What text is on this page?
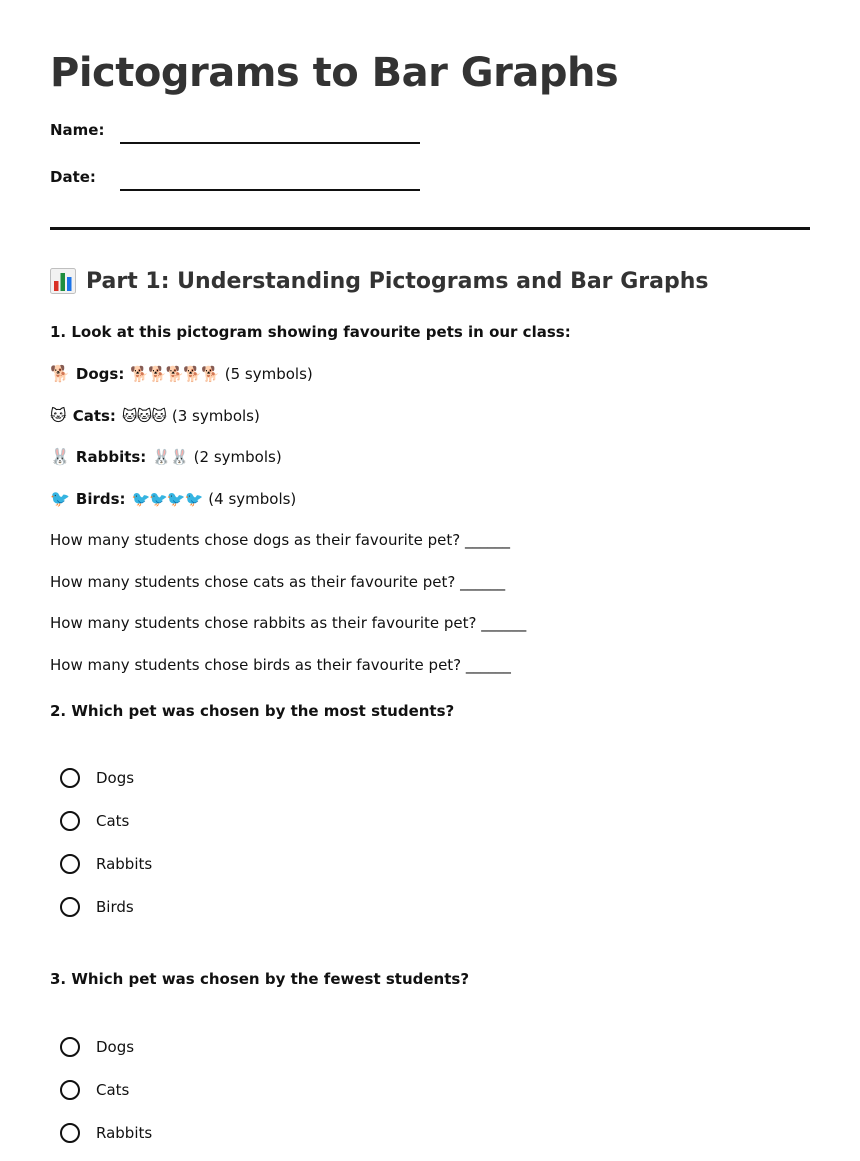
Pictograms to Bar Graphs
Name:
Date:
Part 1: Understanding Pictograms and Bar Graphs
1. Look at this pictogram showing favourite pets in our class:
🐕 Dogs: 🐕🐕🐕🐕🐕 (5 symbols)
🐱 Cats: 🐱🐱🐱 (3 symbols)
🐰 Rabbits: 🐰🐰 (2 symbols)
🐦 Birds: 🐦🐦🐦🐦 (4 symbols)
How many students chose dogs as their favourite pet? ______
How many students chose cats as their favourite pet? ______
How many students chose rabbits as their favourite pet? ______
How many students chose birds as their favourite pet? ______
2. Which pet was chosen by the most students?
Dogs
Cats
Rabbits
Birds
3. Which pet was chosen by the fewest students?
Dogs
Cats
Rabbits
